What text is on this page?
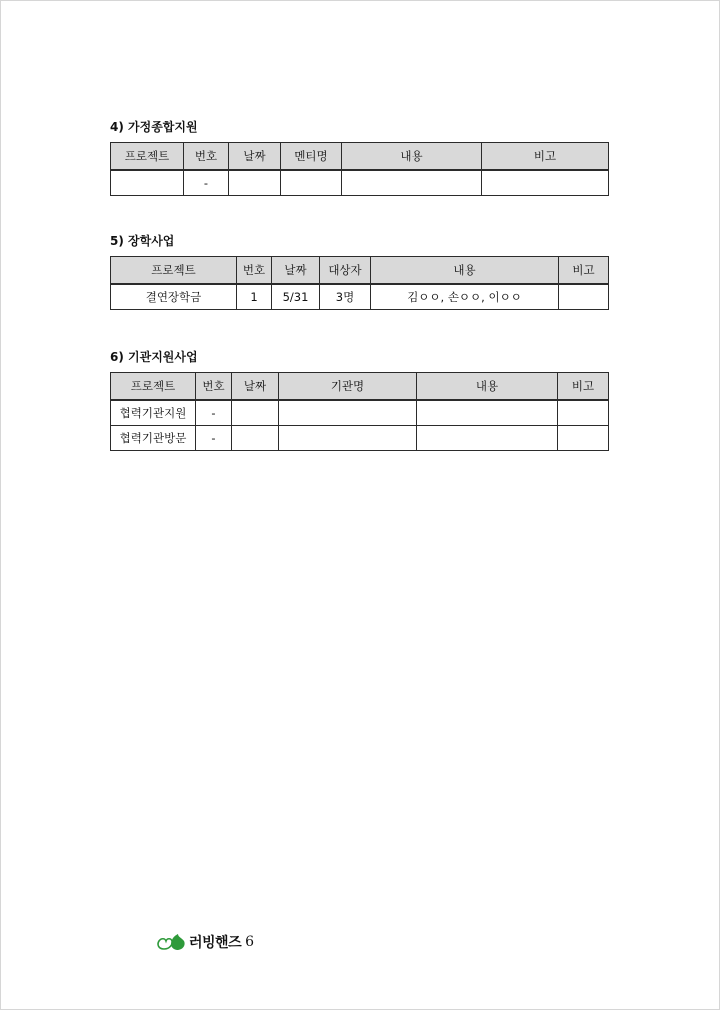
4) 가정종합지원
프로젝트	번호	날짜	멘티명	내용	비고
	-				
5) 장학사업
프로젝트	번호	날짜	대상자	내용	비고
결연장학금	1	5/31	3명	김ㅇㅇ, 손ㅇㅇ, 이ㅇㅇ	
6) 기관지원사업
프로젝트	번호	날짜	기관명	내용	비고
협력기관지원	-				
협력기관방문	-				
러빙핸즈 6
